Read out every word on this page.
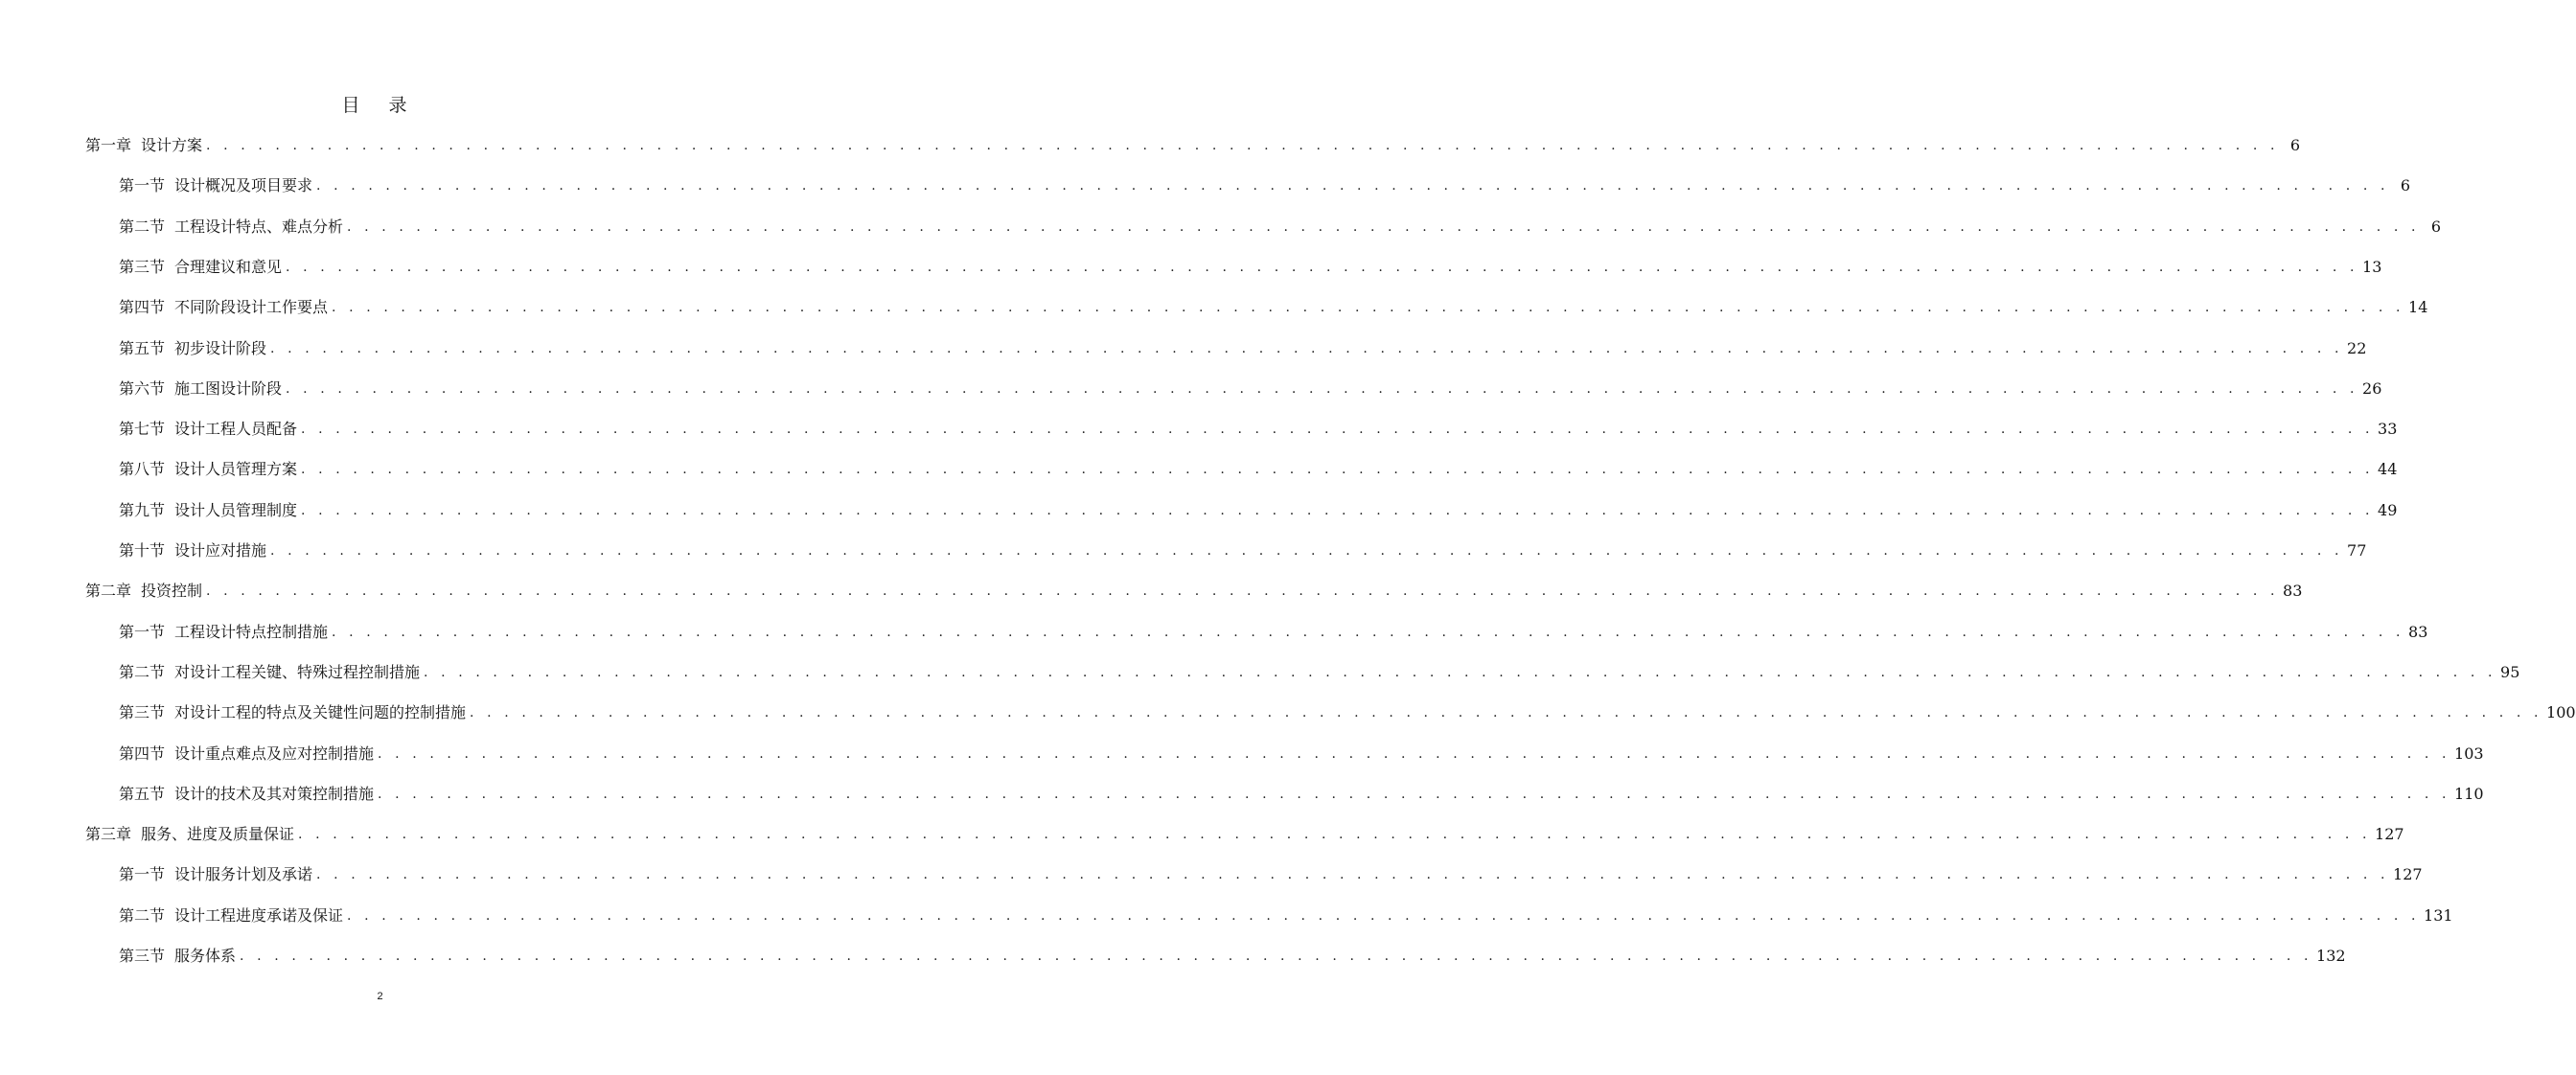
目 录
第一章 设计方案 . . . . . . . . . . . . . . . . . . . . . . . . . . . . . . . . . . . . . . . . . . . . . . . . . . . . . . . . . . . . . . . . . . . . . . . . . . . . . . . . . . . . . . . . . . . . . . . . . . . . . . . . . . . . . . . . . . . . . . . . 6
第一节 设计概况及项目要求 . . . . . . . . . . . . . . . . . . . . . . . . . . . . . . . . . . . . . . . . . . . . . . . . . . . . . . . . . . . . . . . . . . . . . . . . . . . . . . . . . . . . . . . . . . . . . . . . . . . . . . . . . . . . . . . . . . . . . . . . 6
第二节 工程设计特点、难点分析 . . . . . . . . . . . . . . . . . . . . . . . . . . . . . . . . . . . . . . . . . . . . . . . . . . . . . . . . . . . . . . . . . . . . . . . . . . . . . . . . . . . . . . . . . . . . . . . . . . . . . . . . . . . . . . . . . . . . . . . . 6
第三节 合理建议和意见 . . . . . . . . . . . . . . . . . . . . . . . . . . . . . . . . . . . . . . . . . . . . . . . . . . . . . . . . . . . . . . . . . . . . . . . . . . . . . . . . . . . . . . . . . . . . . . . . . . . . . . . . . . . . . . . . . . . . . . . . 13
第四节 不同阶段设计工作要点 . . . . . . . . . . . . . . . . . . . . . . . . . . . . . . . . . . . . . . . . . . . . . . . . . . . . . . . . . . . . . . . . . . . . . . . . . . . . . . . . . . . . . . . . . . . . . . . . . . . . . . . . . . . . . . . . . . . . . . . . 14
第五节 初步设计阶段 . . . . . . . . . . . . . . . . . . . . . . . . . . . . . . . . . . . . . . . . . . . . . . . . . . . . . . . . . . . . . . . . . . . . . . . . . . . . . . . . . . . . . . . . . . . . . . . . . . . . . . . . . . . . . . . . . . . . . . . . 22
第六节 施工图设计阶段 . . . . . . . . . . . . . . . . . . . . . . . . . . . . . . . . . . . . . . . . . . . . . . . . . . . . . . . . . . . . . . . . . . . . . . . . . . . . . . . . . . . . . . . . . . . . . . . . . . . . . . . . . . . . . . . . . . . . . . . . 26
第七节 设计工程人员配备 . . . . . . . . . . . . . . . . . . . . . . . . . . . . . . . . . . . . . . . . . . . . . . . . . . . . . . . . . . . . . . . . . . . . . . . . . . . . . . . . . . . . . . . . . . . . . . . . . . . . . . . . . . . . . . . . . . . . . . . . 33
第八节 设计人员管理方案 . . . . . . . . . . . . . . . . . . . . . . . . . . . . . . . . . . . . . . . . . . . . . . . . . . . . . . . . . . . . . . . . . . . . . . . . . . . . . . . . . . . . . . . . . . . . . . . . . . . . . . . . . . . . . . . . . . . . . . . . 44
第九节 设计人员管理制度 . . . . . . . . . . . . . . . . . . . . . . . . . . . . . . . . . . . . . . . . . . . . . . . . . . . . . . . . . . . . . . . . . . . . . . . . . . . . . . . . . . . . . . . . . . . . . . . . . . . . . . . . . . . . . . . . . . . . . . . . 49
第十节 设计应对措施 . . . . . . . . . . . . . . . . . . . . . . . . . . . . . . . . . . . . . . . . . . . . . . . . . . . . . . . . . . . . . . . . . . . . . . . . . . . . . . . . . . . . . . . . . . . . . . . . . . . . . . . . . . . . . . . . . . . . . . . . 77
第二章 投资控制 . . . . . . . . . . . . . . . . . . . . . . . . . . . . . . . . . . . . . . . . . . . . . . . . . . . . . . . . . . . . . . . . . . . . . . . . . . . . . . . . . . . . . . . . . . . . . . . . . . . . . . . . . . . . . . . . . . . . . . . . 83
第一节 工程设计特点控制措施 . . . . . . . . . . . . . . . . . . . . . . . . . . . . . . . . . . . . . . . . . . . . . . . . . . . . . . . . . . . . . . . . . . . . . . . . . . . . . . . . . . . . . . . . . . . . . . . . . . . . . . . . . . . . . . . . . . . . . . . . 83
第二节 对设计工程关键、特殊过程控制措施 . . . . . . . . . . . . . . . . . . . . . . . . . . . . . . . . . . . . . . . . . . . . . . . . . . . . . . . . . . . . . . . . . . . . . . . . . . . . . . . . . . . . . . . . . . . . . . . . . . . . . . . . . . . . . . . . . . . . . . . . 95
第三节 对设计工程的特点及关键性问题的控制措施 . . . . . . . . . . . . . . . . . . . . . . . . . . . . . . . . . . . . . . . . . . . . . . . . . . . . . . . . . . . . . . . . . . . . . . . . . . . . . . . . . . . . . . . . . . . . . . . . . . . . . . . . . . . . . . . . . . . . . . . . 100
第四节 设计重点难点及应对控制措施 . . . . . . . . . . . . . . . . . . . . . . . . . . . . . . . . . . . . . . . . . . . . . . . . . . . . . . . . . . . . . . . . . . . . . . . . . . . . . . . . . . . . . . . . . . . . . . . . . . . . . . . . . . . . . . . . . . . . . . . . 103
第五节 设计的技术及其对策控制措施 . . . . . . . . . . . . . . . . . . . . . . . . . . . . . . . . . . . . . . . . . . . . . . . . . . . . . . . . . . . . . . . . . . . . . . . . . . . . . . . . . . . . . . . . . . . . . . . . . . . . . . . . . . . . . . . . . . . . . . . . 110
第三章 服务、进度及质量保证 . . . . . . . . . . . . . . . . . . . . . . . . . . . . . . . . . . . . . . . . . . . . . . . . . . . . . . . . . . . . . . . . . . . . . . . . . . . . . . . . . . . . . . . . . . . . . . . . . . . . . . . . . . . . . . . . . . . . . . . . 127
第一节 设计服务计划及承诺 . . . . . . . . . . . . . . . . . . . . . . . . . . . . . . . . . . . . . . . . . . . . . . . . . . . . . . . . . . . . . . . . . . . . . . . . . . . . . . . . . . . . . . . . . . . . . . . . . . . . . . . . . . . . . . . . . . . . . . . . 127
第二节 设计工程进度承诺及保证 . . . . . . . . . . . . . . . . . . . . . . . . . . . . . . . . . . . . . . . . . . . . . . . . . . . . . . . . . . . . . . . . . . . . . . . . . . . . . . . . . . . . . . . . . . . . . . . . . . . . . . . . . . . . . . . . . . . . . . . . 131
第三节 服务体系 . . . . . . . . . . . . . . . . . . . . . . . . . . . . . . . . . . . . . . . . . . . . . . . . . . . . . . . . . . . . . . . . . . . . . . . . . . . . . . . . . . . . . . . . . . . . . . . . . . . . . . . . . . . . . . . . . . . . . . . . 132
2
